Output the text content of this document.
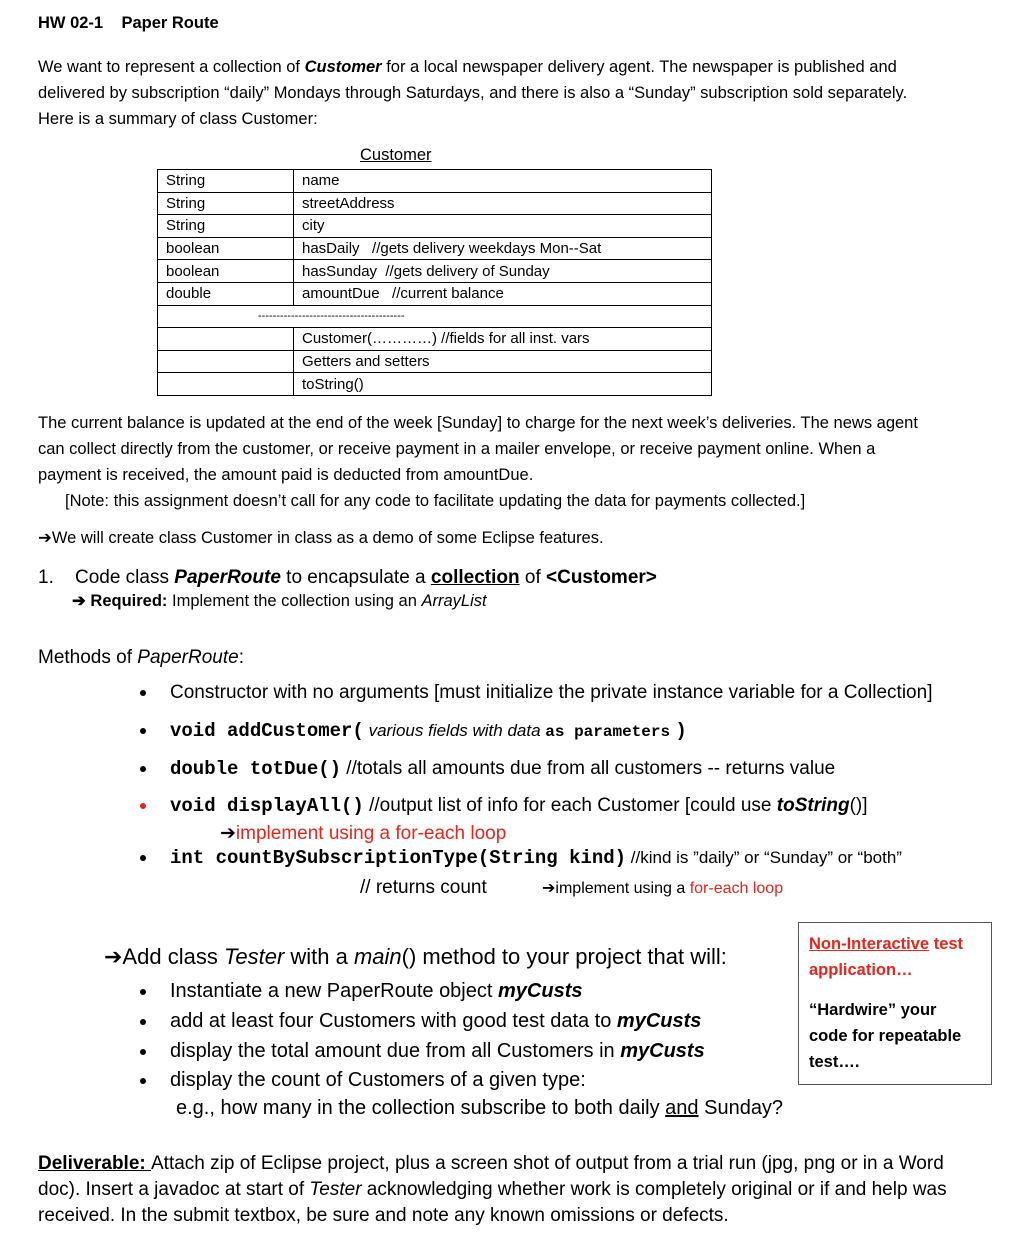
HW 02-1 Paper Route
We want to represent a collection of Customer for a local newspaper delivery agent. The newspaper is published and
delivered by subscription “daily” Mondays through Saturdays, and there is also a “Sunday” subscription sold separately.
Here is a summary of class Customer:
Customer
String	name
String	streetAddress
String	city
boolean	hasDaily   //gets delivery weekdays Mon--Sat
boolean	hasSunday  //gets delivery of Sunday
double	amountDue   //current balance
----------------------------------------	
	Customer(…………) //fields for all inst. vars
	Getters and setters
	toString()
The current balance is updated at the end of the week [Sunday] to charge for the next week’s deliveries. The news agent
can collect directly from the customer, or receive payment in a mailer envelope, or receive payment online. When a
payment is received, the amount paid is deducted from amountDue.
[Note: this assignment doesn’t call for any code to facilitate updating the data for payments collected.]
➔We will create class Customer in class as a demo of some Eclipse features.
1. Code class PaperRoute to encapsulate a collection of <Customer>
➔ Required: Implement the collection using an ArrayList
Methods of PaperRoute:
Constructor with no arguments [must initialize the private instance variable for a Collection]
void addCustomer( various fields with data as parameters )
double totDue() //totals all amounts due from all customers -- returns value
void displayAll() //output list of info for each Customer [could use toString()]
➔implement using a for-each loop
int countBySubscriptionType(String kind) //kind is ”daily” or “Sunday” or “both”
// returns count	➔implement using a for-each loop
➔Add class Tester with a main() method to your project that will:
Instantiate a new PaperRoute object myCusts
add at least four Customers with good test data to myCusts
display the total amount due from all Customers in myCusts
display the count of Customers of a given type:
e.g., how many in the collection subscribe to both daily and Sunday?
Non-Interactive test
application…
“Hardwire” your
code for repeatable
test….
Deliverable: Attach zip of Eclipse project, plus a screen shot of output from a trial run (jpg, png or in a Word
doc). Insert a javadoc at start of Tester acknowledging whether work is completely original or if and help was
received. In the submit textbox, be sure and note any known omissions or defects.
